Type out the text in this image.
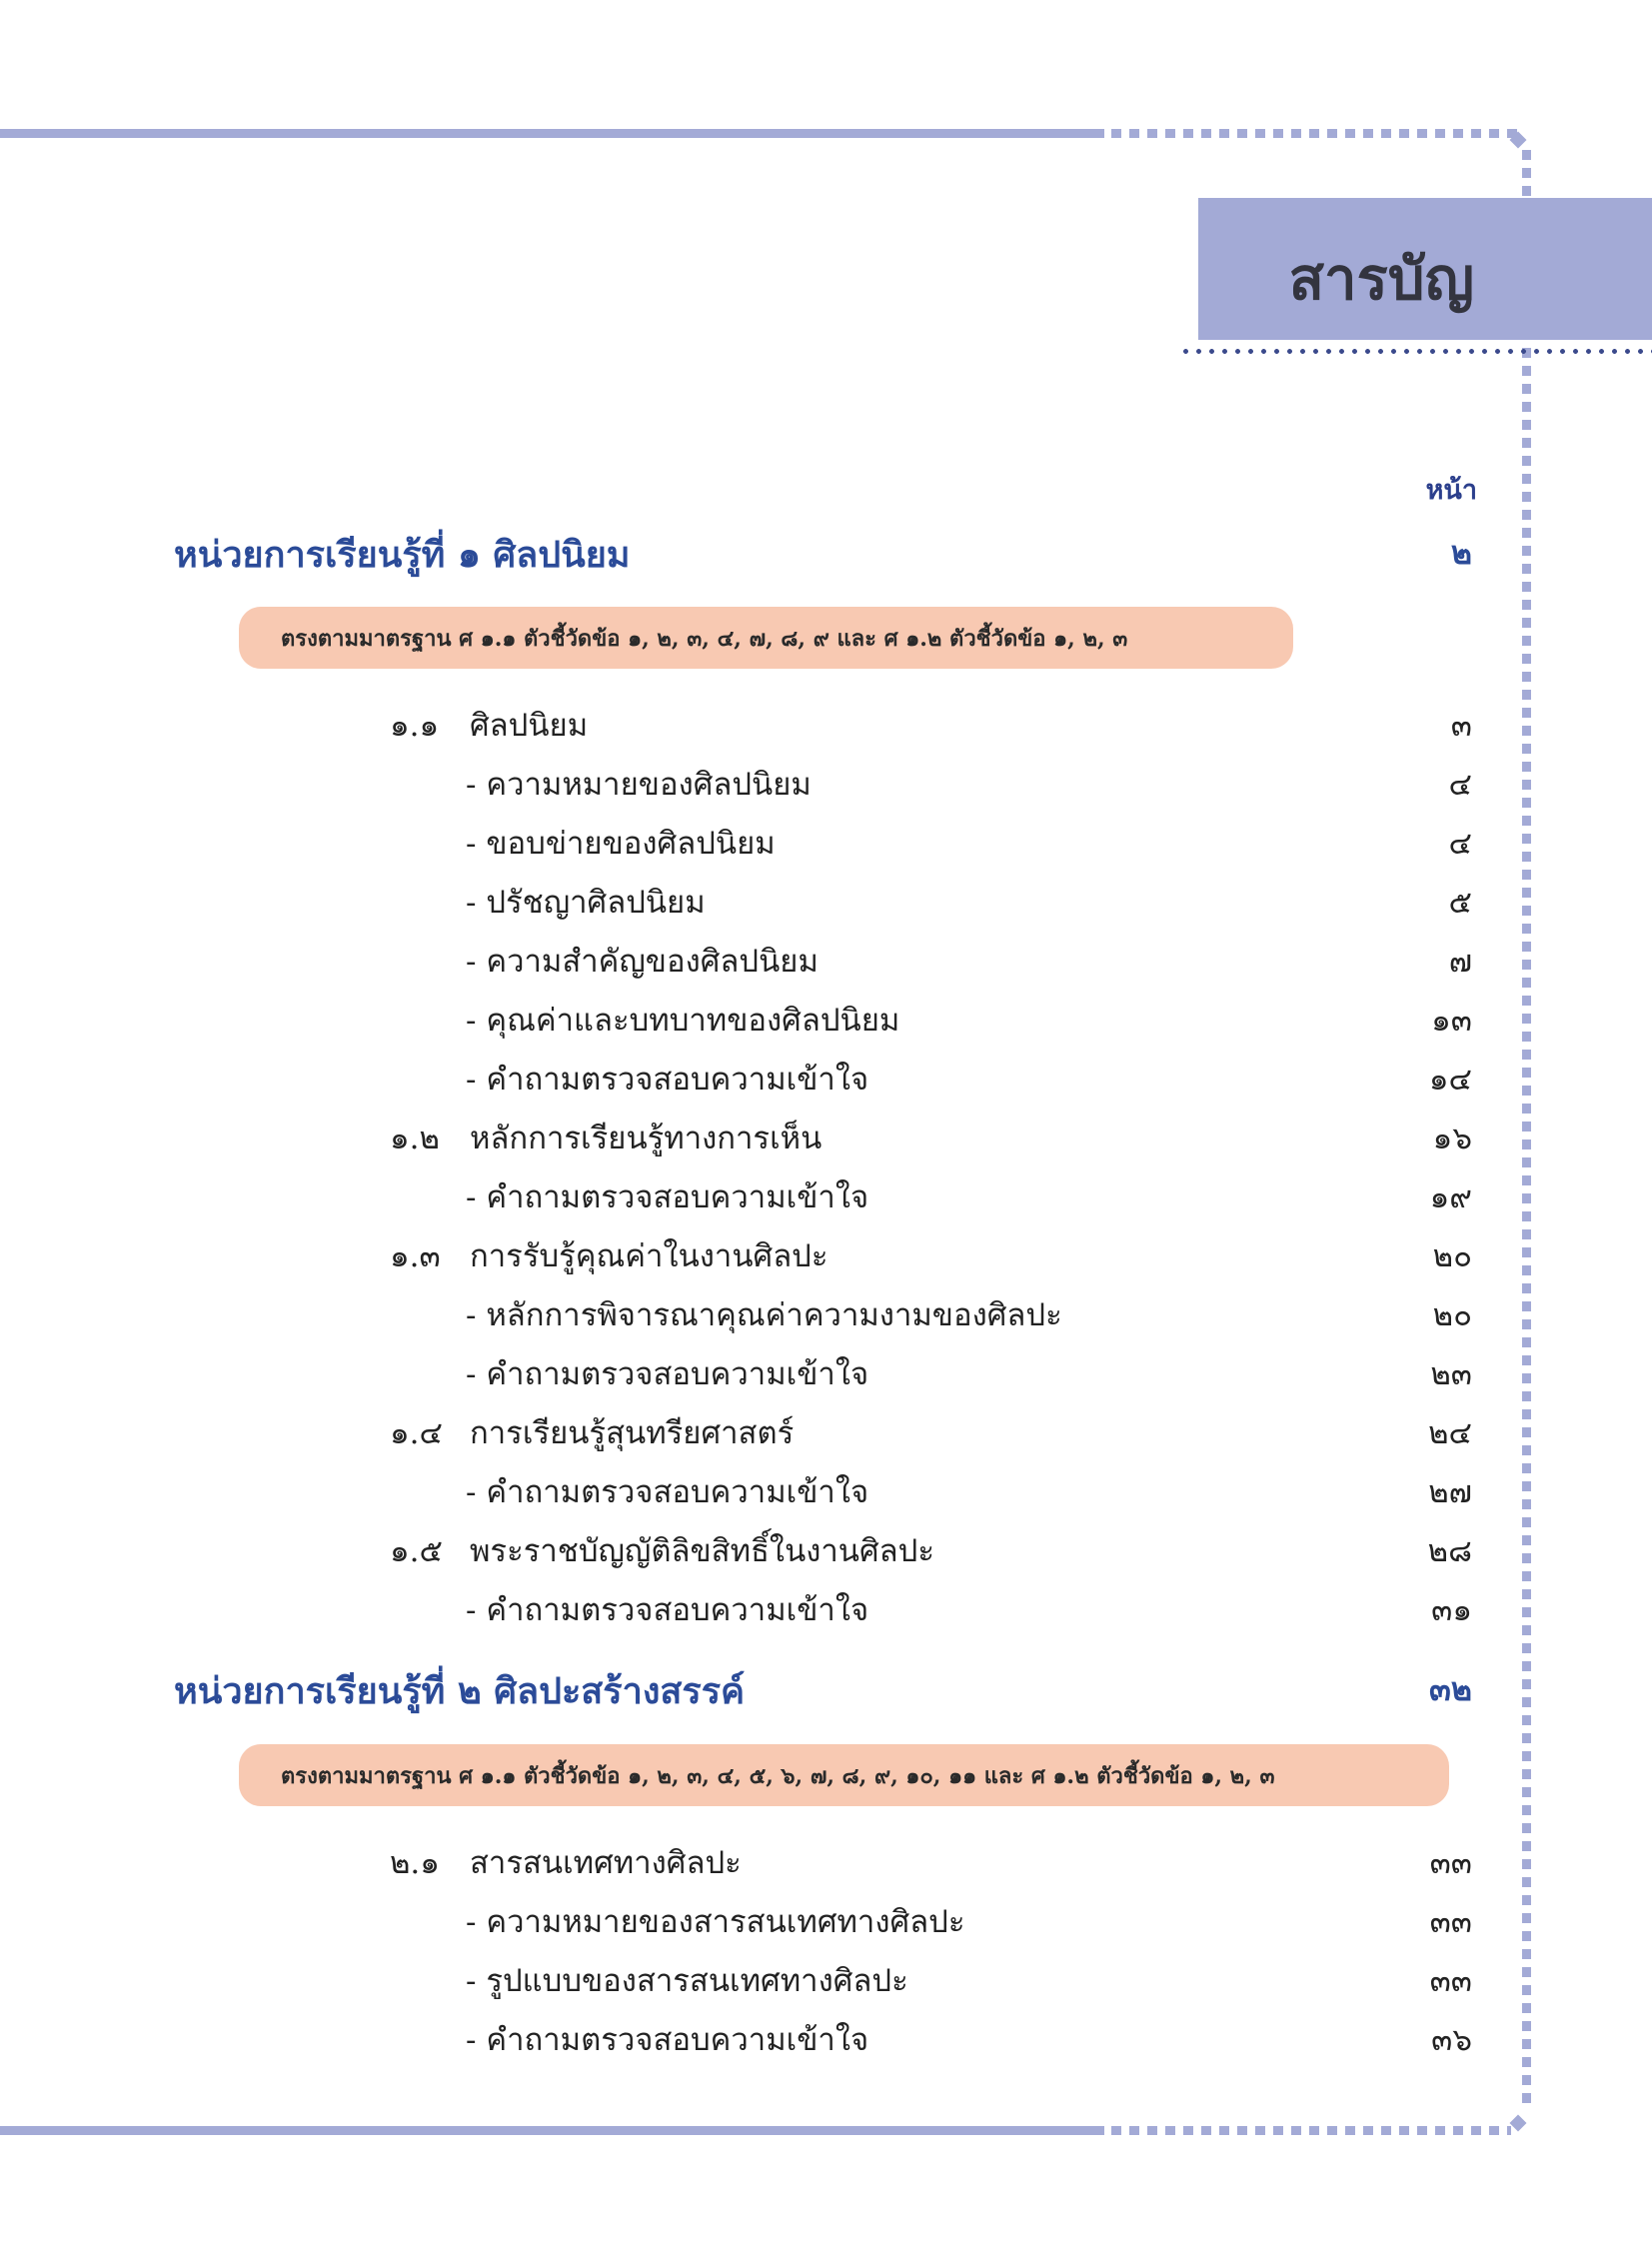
สารบัญ
หน้า
หน่วยการเรียนรู้ที่ ๑ ศิลปนิยม	๒
ตรงตามมาตรฐาน ศ ๑.๑ ตัวชี้วัดข้อ ๑, ๒, ๓, ๔, ๗, ๘, ๙ และ ศ ๑.๒ ตัวชี้วัดข้อ ๑, ๒, ๓
๑.๑ ศิลปนิยม	๓
- ความหมายของศิลปนิยม	๔
- ขอบข่ายของศิลปนิยม	๔
- ปรัชญาศิลปนิยม	๕
- ความสำคัญของศิลปนิยม	๗
- คุณค่าและบทบาทของศิลปนิยม	๑๓
- คำถามตรวจสอบความเข้าใจ	๑๔
๑.๒ หลักการเรียนรู้ทางการเห็น	๑๖
- คำถามตรวจสอบความเข้าใจ	๑๙
๑.๓ การรับรู้คุณค่าในงานศิลปะ	๒๐
- หลักการพิจารณาคุณค่าความงามของศิลปะ	๒๐
- คำถามตรวจสอบความเข้าใจ	๒๓
๑.๔ การเรียนรู้สุนทรียศาสตร์	๒๔
- คำถามตรวจสอบความเข้าใจ	๒๗
๑.๕ พระราชบัญญัติลิขสิทธิ์ในงานศิลปะ	๒๘
- คำถามตรวจสอบความเข้าใจ	๓๑
หน่วยการเรียนรู้ที่ ๒ ศิลปะสร้างสรรค์	๓๒
ตรงตามมาตรฐาน ศ ๑.๑ ตัวชี้วัดข้อ ๑, ๒, ๓, ๔, ๕, ๖, ๗, ๘, ๙, ๑๐, ๑๑ และ ศ ๑.๒ ตัวชี้วัดข้อ ๑, ๒, ๓
๒.๑ สารสนเทศทางศิลปะ	๓๓
- ความหมายของสารสนเทศทางศิลปะ	๓๓
- รูปแบบของสารสนเทศทางศิลปะ	๓๓
- คำถามตรวจสอบความเข้าใจ	๓๖
